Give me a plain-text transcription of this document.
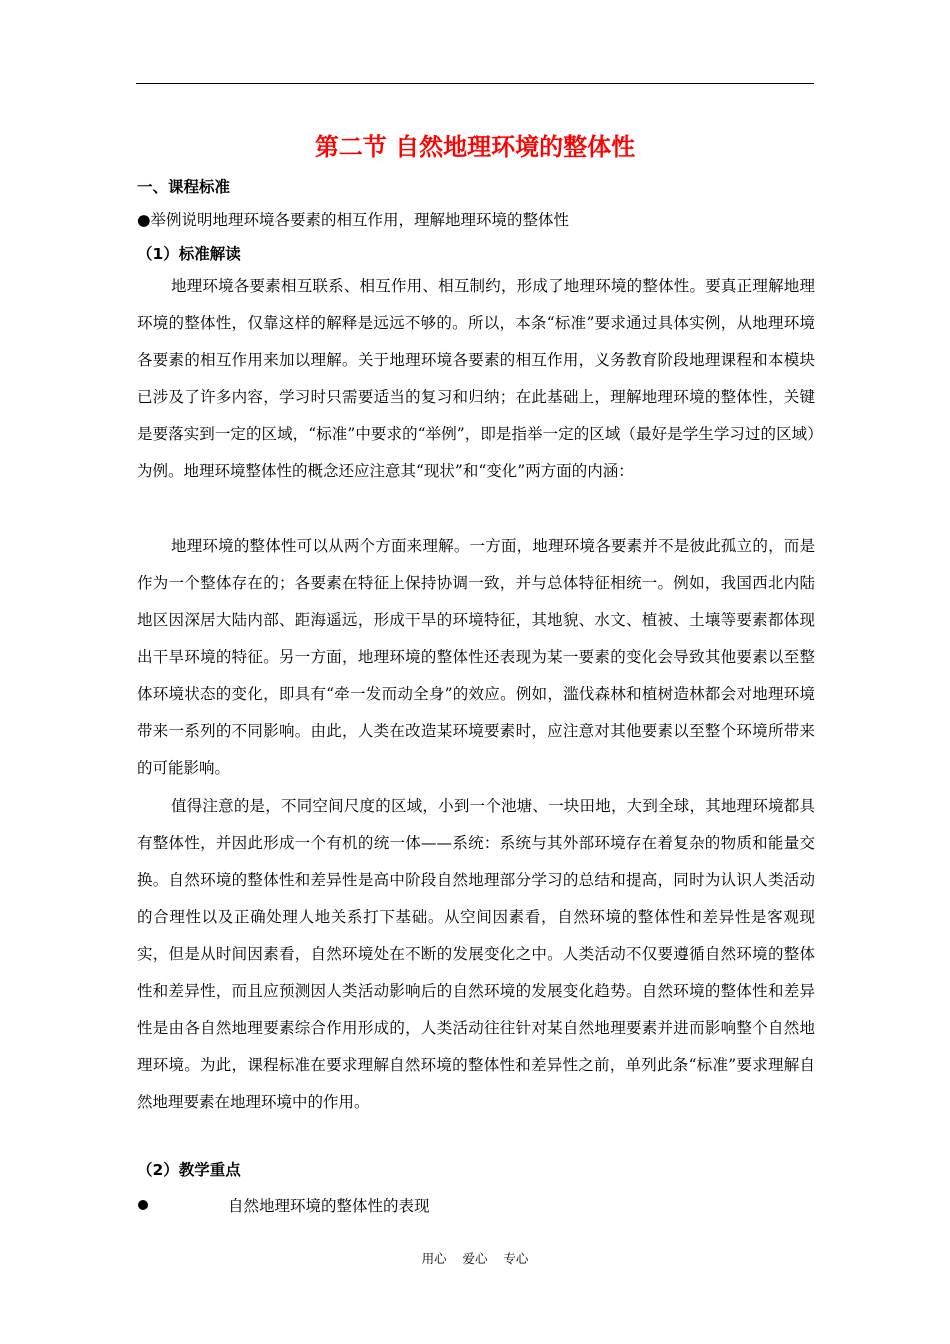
第二节 自然地理环境的整体性
一、课程标准
●举例说明地理环境各要素的相互作用，理解地理环境的整体性
（1）标准解读

地理环境各要素相互联系、相互作用、相互制约，形成了地理环境的整体性。要真正理解地理环境的整体性，仅靠这样的解释是远远不够的。所以，本条“标准”要求通过具体实例，从地理环境各要素的相互作用来加以理解。关于地理环境各要素的相互作用，义务教育阶段地理课程和本模块已涉及了许多内容，学习时只需要适当的复习和归纳；在此基础上，理解地理环境的整体性，关键是要落实到一定的区域，“标准”中要求的“举例”，即是指举一定的区域（最好是学生学习过的区域）为例。地理环境整体性的概念还应注意其“现状”和“变化”两方面的内涵：

地理环境的整体性可以从两个方面来理解。一方面，地理环境各要素并不是彼此孤立的，而是作为一个整体存在的；各要素在特征上保持协调一致，并与总体特征相统一。例如，我国西北内陆地区因深居大陆内部、距海遥远，形成干旱的环境特征，其地貌、水文、植被、土壤等要素都体现出干旱环境的特征。另一方面，地理环境的整体性还表现为某一要素的变化会导致其他要素以至整体环境状态的变化，即具有“牵一发而动全身”的效应。例如，滥伐森林和植树造林都会对地理环境带来一系列的不同影响。由此，人类在改造某环境要素时，应注意对其他要素以至整个环境所带来的可能影响。

值得注意的是，不同空间尺度的区域，小到一个池塘、一块田地，大到全球，其地理环境都具有整体性，并因此形成一个有机的统一体——系统：系统与其外部环境存在着复杂的物质和能量交换。自然环境的整体性和差异性是高中阶段自然地理部分学习的总结和提高，同时为认识人类活动的合理性以及正确处理人地关系打下基础。从空间因素看，自然环境的整体性和差异性是客观现实，但是从时间因素看，自然环境处在不断的发展变化之中。人类活动不仅要遵循自然环境的整体性和差异性，而且应预测因人类活动影响后的自然环境的发展变化趋势。自然环境的整体性和差异性是由各自然地理要素综合作用形成的，人类活动往往针对某自然地理要素并进而影响整个自然地理环境。为此，课程标准在要求理解自然环境的整体性和差异性之前，单列此条“标准”要求理解自然地理要素在地理环境中的作用。

（2）教学重点
自然地理环境的整体性的表现
用心    爱心    专心
